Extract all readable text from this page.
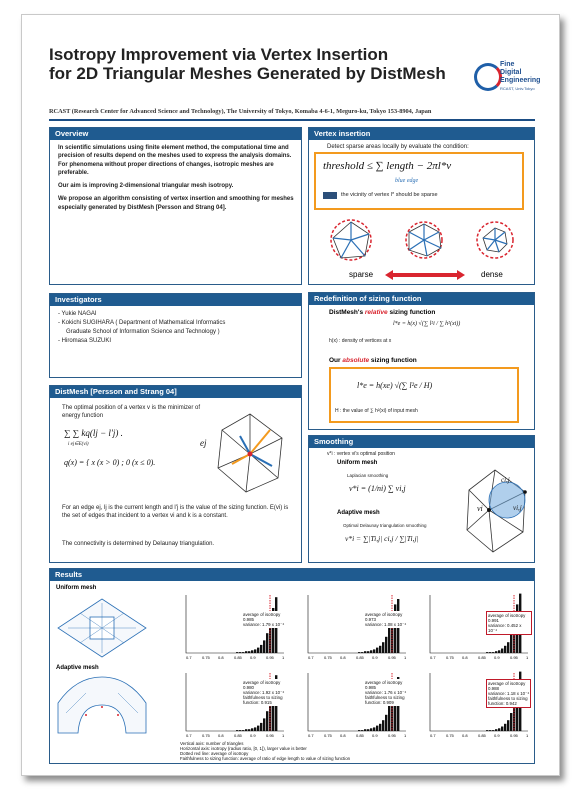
Isotropy Improvement via Vertex Insertion
for 2D Triangular Meshes Generated by DistMesh	Fine
Digital
Engineering
RCAST, Univ.Tokyo
RCAST (Research Center for Advanced Science and Technology), The University of Tokyo, Komaba 4-6-1, Meguro-ku, Tokyo 153-8904, Japan
Overview

In scientific simulations using finite element method, the computational time and precision of results depend on the meshes used to express the analysis domains. For phenomena without proper directions of changes, isotropic meshes are preferable.

Our aim is improving 2-dimensional triangular mesh isotropy.

We propose an algorithm consisting of vertex insertion and smoothing for meshes especially generated by DistMesh [Persson and Strang 04].

Investigators
- Yukie NAGAI
- Kokichi SUGIHARA ( Department of Mathematical Informatics
Graduate School of Information Science and Technology )
- Hiromasa SUZUKI
DistMesh [Persson and Strang 04]
The optimal position of a vertex v is the minimizer of energy function
∑ ∑ kq(lj − l'j) .
i ej∈E(vi)
q(x) = { x (x > 0) ; 0 (x ≤ 0).
ej
For an edge ej, lj is the current length and l'j is the value of the sizing function. E(vi) is the set of edges that incident to a vertex vi and k is a constant.
The connectivity is determined by Delaunay triangulation.
Vertex insertion
Detect sparse areas locally by evaluate the condition:
threshold ≤ ∑ length − 2πl*v
blue edge
the vicinity of vertex l* should be sparse
sparse	dense
Redefinition of sizing function
DistMesh's relative sizing function
l*e = h(x) √(∑ l²i / ∑ h²(xi))
h(x) : density of vertices at x
Our absolute sizing function
l*e = h(xe) √(∑ l²e / H)
H : the value of ∑ h²(xi) of input mesh
Smoothing
v*i : vertex vi's optimal position
Uniform mesh
Laplacian smoothing
v*i = (1/ni) ∑ vi,j
Adaptive mesh
Optimal Delaunay triangulation smoothing
v*i = ∑|Ti,j| ci,j / ∑|Ti,j|
ci,j
vi	vi,j
Results
Uniform mesh
Adaptive mesh
0.7	0.75 0.8	0.85 0.9	0.95 1
average of isotropy
0.985
variance: 1.79 x 10⁻⁴
0.7	0.75 0.8	0.85 0.9	0.95 1
average of isotropy
0.973
variance: 1.08 x 10⁻⁴
0.7	0.75 0.8	0.85 0.9	0.95 1
average of isotropy
0.991
variance: 0.452 x 10⁻⁴
0.7	0.75 0.8	0.85 0.9	0.95 1
average of isotropy
0.980
variance: 1.92 x 10⁻⁴
faithfulness to sizing
function: 0.915
0.7	0.75 0.8	0.85 0.9	0.95 1
average of isotropy
0.985
variance: 1.76 x 10⁻⁴
faithfulness to sizing
function: 0.909
0.7	0.75 0.8	0.85 0.9	0.95 1
average of isotropy
0.988
variance: 1.18 x 10⁻⁴
faithfulness to sizing
function: 0.942
Vertical axis: number of triangles
Horizontal axis: isotropy (radius ratio, [0, 1]), larger value is better
Dotted red line: average of isotropy
Faithfulness to sizing function: average of ratio of edge length to value of sizing function
